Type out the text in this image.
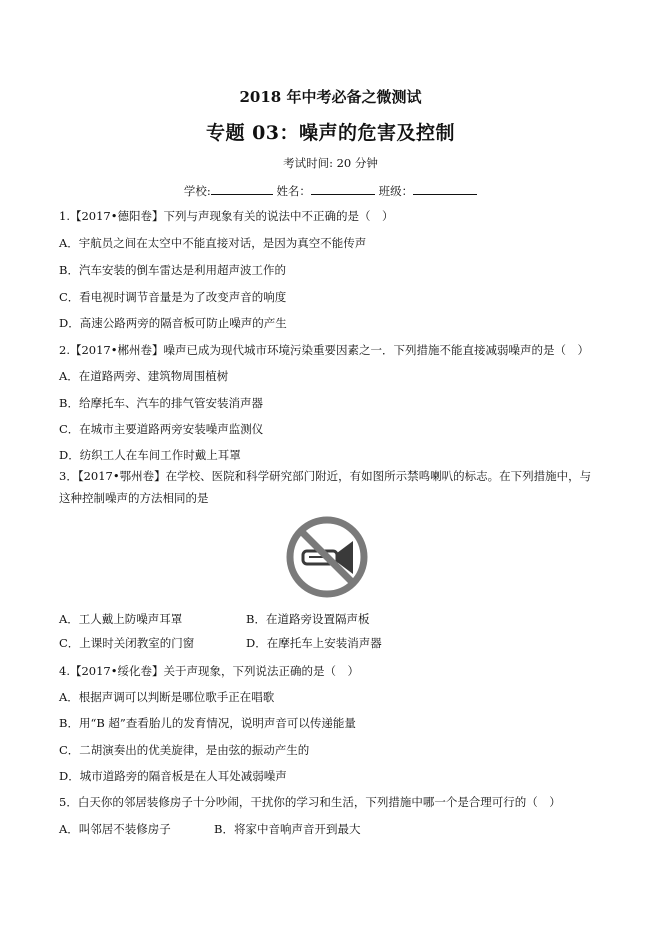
2018 年中考必备之微测试
专题 03：噪声的危害及控制
考试时间: 20 分钟
学校:	姓名：	班级：
1.【2017•德阳卷】下列与声现象有关的说法中不正确的是（　）
A．宇航员之间在太空中不能直接对话，是因为真空不能传声
B．汽车安装的倒车雷达是利用超声波工作的
C．看电视时调节音量是为了改变声音的响度
D．高速公路两旁的隔音板可防止噪声的产生
2.【2017•郴州卷】噪声已成为现代城市环境污染重要因素之一．下列措施不能直接减弱噪声的是（　）
A．在道路两旁、建筑物周围植树
B．给摩托车、汽车的排气管安装消声器
C．在城市主要道路两旁安装噪声监测仪
D．纺织工人在车间工作时戴上耳罩
3．【2017•鄂州卷】在学校、医院和科学研究部门附近，有如图所示禁鸣喇叭的标志。在下列措施中，与
这种控制噪声的方法相同的是
A．工人戴上防噪声耳罩	B．在道路旁设置隔声板
C．上课时关闭教室的门窗	D．在摩托车上安装消声器
4.【2017•绥化卷】关于声现象，下列说法正确的是（　）
A．根据声调可以判断是哪位歌手正在唱歌
B．用“B 超”查看胎儿的发育情况，说明声音可以传递能量
C．二胡演奏出的优美旋律，是由弦的振动产生的
D．城市道路旁的隔音板是在人耳处减弱噪声
5．白天你的邻居装修房子十分吵闹，干扰你的学习和生活，下列措施中哪一个是合理可行的（　）
A．叫邻居不装修房子	B．将家中音响声音开到最大
